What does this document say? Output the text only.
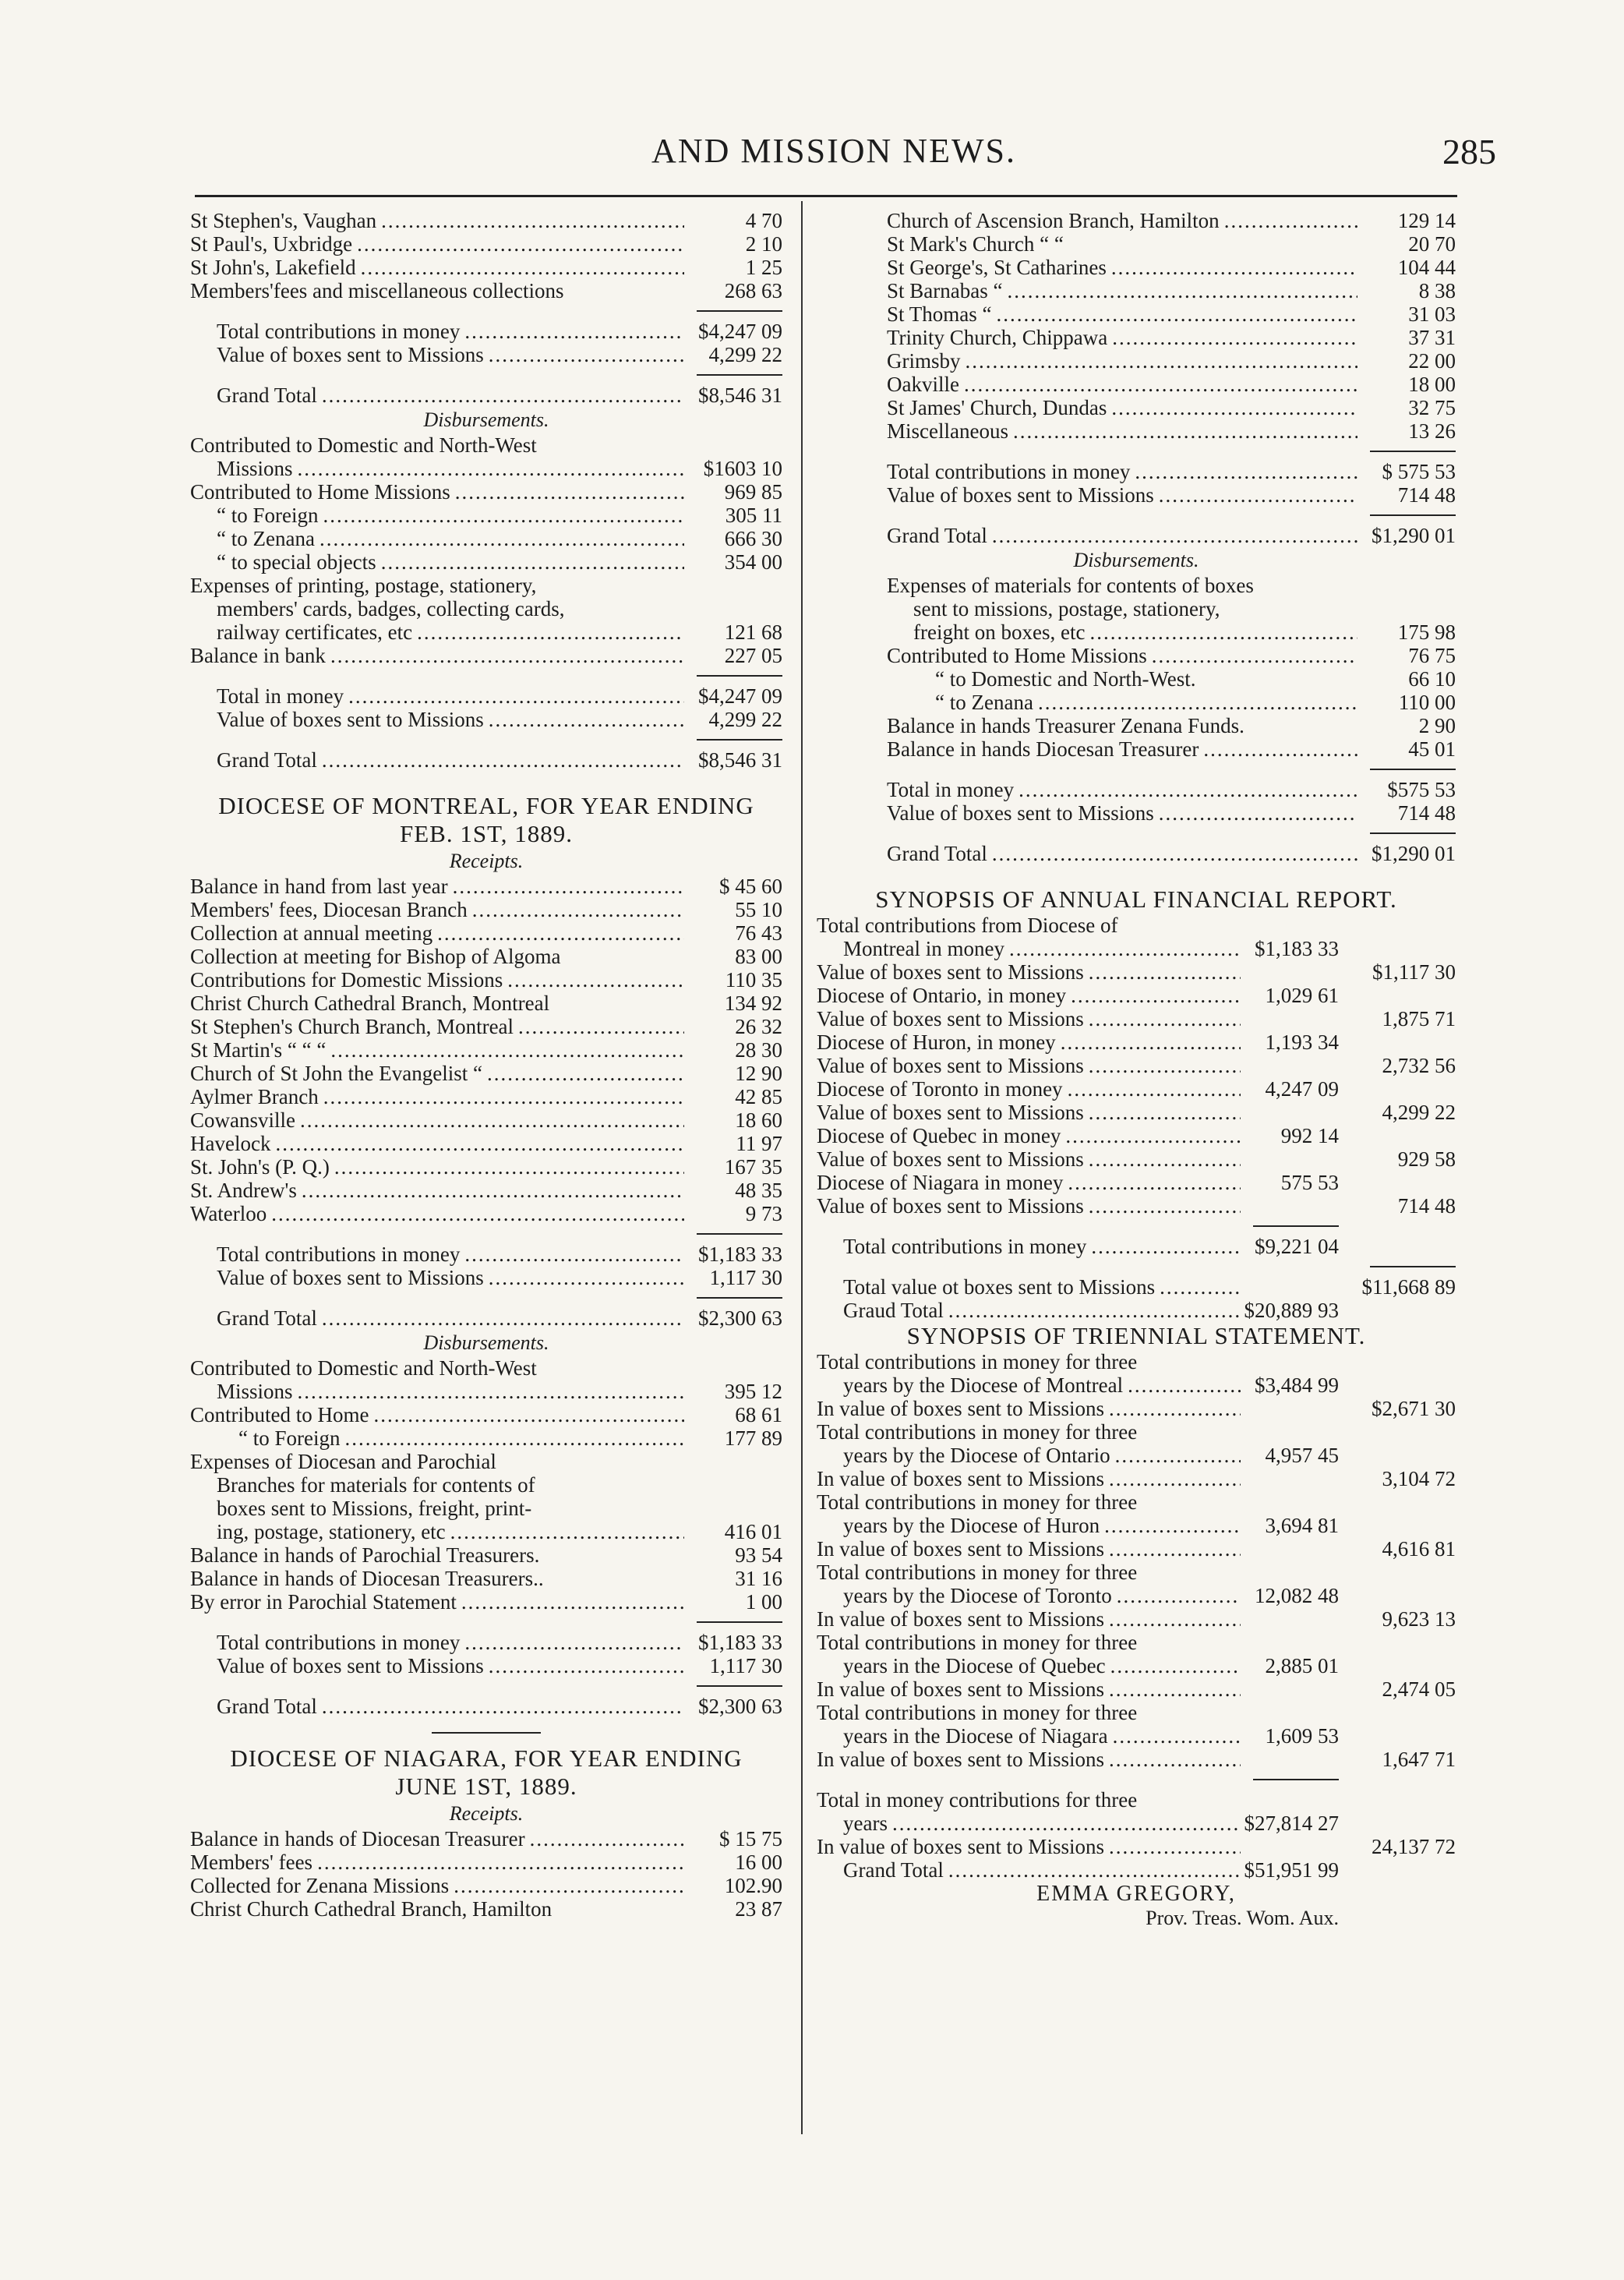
AND MISSION NEWS.	285
St Stephen's, Vaughan .....	4 70
St Paul's, Uxbridge .....	2 10
St John's, Lakefield .....	1 25
Members'fees and miscellaneous collections	268 63
Total contributions in money .....	$4,247 09
Value of boxes sent to Missions .....	4,299 22
Grand Total .....	$8,546 31
Disbursements.
Contributed to Domestic and North-West
Missions .....	$1603 10
Contributed to Home Missions .....	969 85
“ to Foreign .....	305 11
“ to Zenana .....	666 30
“ to special objects .....	354 00
Expenses of printing, postage, stationery,
members' cards, badges, collecting cards,
railway certificates, etc .....	121 68
Balance in bank .....	227 05
Total in money .....	$4,247 09
Value of boxes sent to Missions .....	4,299 22
Grand Total .....	$8,546 31
DIOCESE OF MONTREAL, FOR YEAR ENDING
FEB. 1ST, 1889.
Receipts.
Balance in hand from last year .....	$ 45 60
Members' fees, Diocesan Branch .....	55 10
Collection at annual meeting .....	76 43
Collection at meeting for Bishop of Algoma	83 00
Contributions for Domestic Missions .....	110 35
Christ Church Cathedral Branch, Montreal	134 92
St Stephen's Church Branch, Montreal .....	26 32
St Martin's “ “ “ .....	28 30
Church of St John the Evangelist “ .....	12 90
Aylmer Branch .....	42 85
Cowansville .....	18 60
Havelock .....	11 97
St. John's (P. Q.) .....	167 35
St. Andrew's .....	48 35
Waterloo .....	9 73
Total contributions in money .....	$1,183 33
Value of boxes sent to Missions .....	1,117 30
Grand Total .....	$2,300 63
Disbursements.
Contributed to Domestic and North-West
Missions .....	395 12
Contributed to Home .....	68 61
“ to Foreign .....	177 89
Expenses of Diocesan and Parochial
Branches for materials for contents of
boxes sent to Missions, freight, print-
ing, postage, stationery, etc .....	416 01
Balance in hands of Parochial Treasurers.	93 54
Balance in hands of Diocesan Treasurers..	31 16
By error in Parochial Statement .....	1 00
Total contributions in money .....	$1,183 33
Value of boxes sent to Missions .....	1,117 30
Grand Total .....	$2,300 63
DIOCESE OF NIAGARA, FOR YEAR ENDING
JUNE 1ST, 1889.
Receipts.
Balance in hands of Diocesan Treasurer .....	$ 15 75
Members' fees .....	16 00
Collected for Zenana Missions .....	102.90
Christ Church Cathedral Branch, Hamilton	23 87
Church of Ascension Branch, Hamilton .....	129 14
St Mark's Church “ “	20 70
St George's, St Catharines .....	104 44
St Barnabas “ .....	8 38
St Thomas “ .....	31 03
Trinity Church, Chippawa .....	37 31
Grimsby .....	22 00
Oakville .....	18 00
St James' Church, Dundas .....	32 75
Miscellaneous .....	13 26
Total contributions in money .....	$ 575 53
Value of boxes sent to Missions .....	714 48
Grand Total .....	$1,290 01
Disbursements.
Expenses of materials for contents of boxes
sent to missions, postage, stationery,
freight on boxes, etc .....	175 98
Contributed to Home Missions .....	76 75
“ to Domestic and North-West.	66 10
“ to Zenana .....	110 00
Balance in hands Treasurer Zenana Funds.	2 90
Balance in hands Diocesan Treasurer .....	45 01
Total in money .....	$575 53
Value of boxes sent to Missions .....	714 48
Grand Total .....	$1,290 01
SYNOPSIS OF ANNUAL FINANCIAL REPORT.
Total contributions from Diocese of
Montreal in money .....	$1,183 33
Value of boxes sent to Missions .....	$1,117 30
Diocese of Ontario, in money .....	1,029 61
Value of boxes sent to Missions .....	1,875 71
Diocese of Huron, in money .....	1,193 34
Value of boxes sent to Missions .....	2,732 56
Diocese of Toronto in money .....	4,247 09
Value of boxes sent to Missions .....	4,299 22
Diocese of Quebec in money .....	992 14
Value of boxes sent to Missions .....	929 58
Diocese of Niagara in money .....	575 53
Value of boxes sent to Missions .....	714 48
Total contributions in money .....	$9,221 04
Total value ot boxes sent to Missions .....	$11,668 89
Graud Total .....	$20,889 93
SYNOPSIS OF TRIENNIAL STATEMENT.
Total contributions in money for three
years by the Diocese of Montreal .....	$3,484 99
In value of boxes sent to Missions .....	$2,671 30
Total contributions in money for three
years by the Diocese of Ontario .....	4,957 45
In value of boxes sent to Missions .....	3,104 72
Total contributions in money for three
years by the Diocese of Huron .....	3,694 81
In value of boxes sent to Missions .....	4,616 81
Total contributions in money for three
years by the Diocese of Toronto .....	12,082 48
In value of boxes sent to Missions .....	9,623 13
Total contributions in money for three
years in the Diocese of Quebec .....	2,885 01
In value of boxes sent to Missions .....	2,474 05
Total contributions in money for three
years in the Diocese of Niagara .....	1,609 53
In value of boxes sent to Missions .....	1,647 71
Total in money contributions for three
years .....	$27,814 27
In value of boxes sent to Missions .....	24,137 72
Grand Total .....	$51,951 99
EMMA GREGORY,
Prov. Treas. Wom. Aux.
